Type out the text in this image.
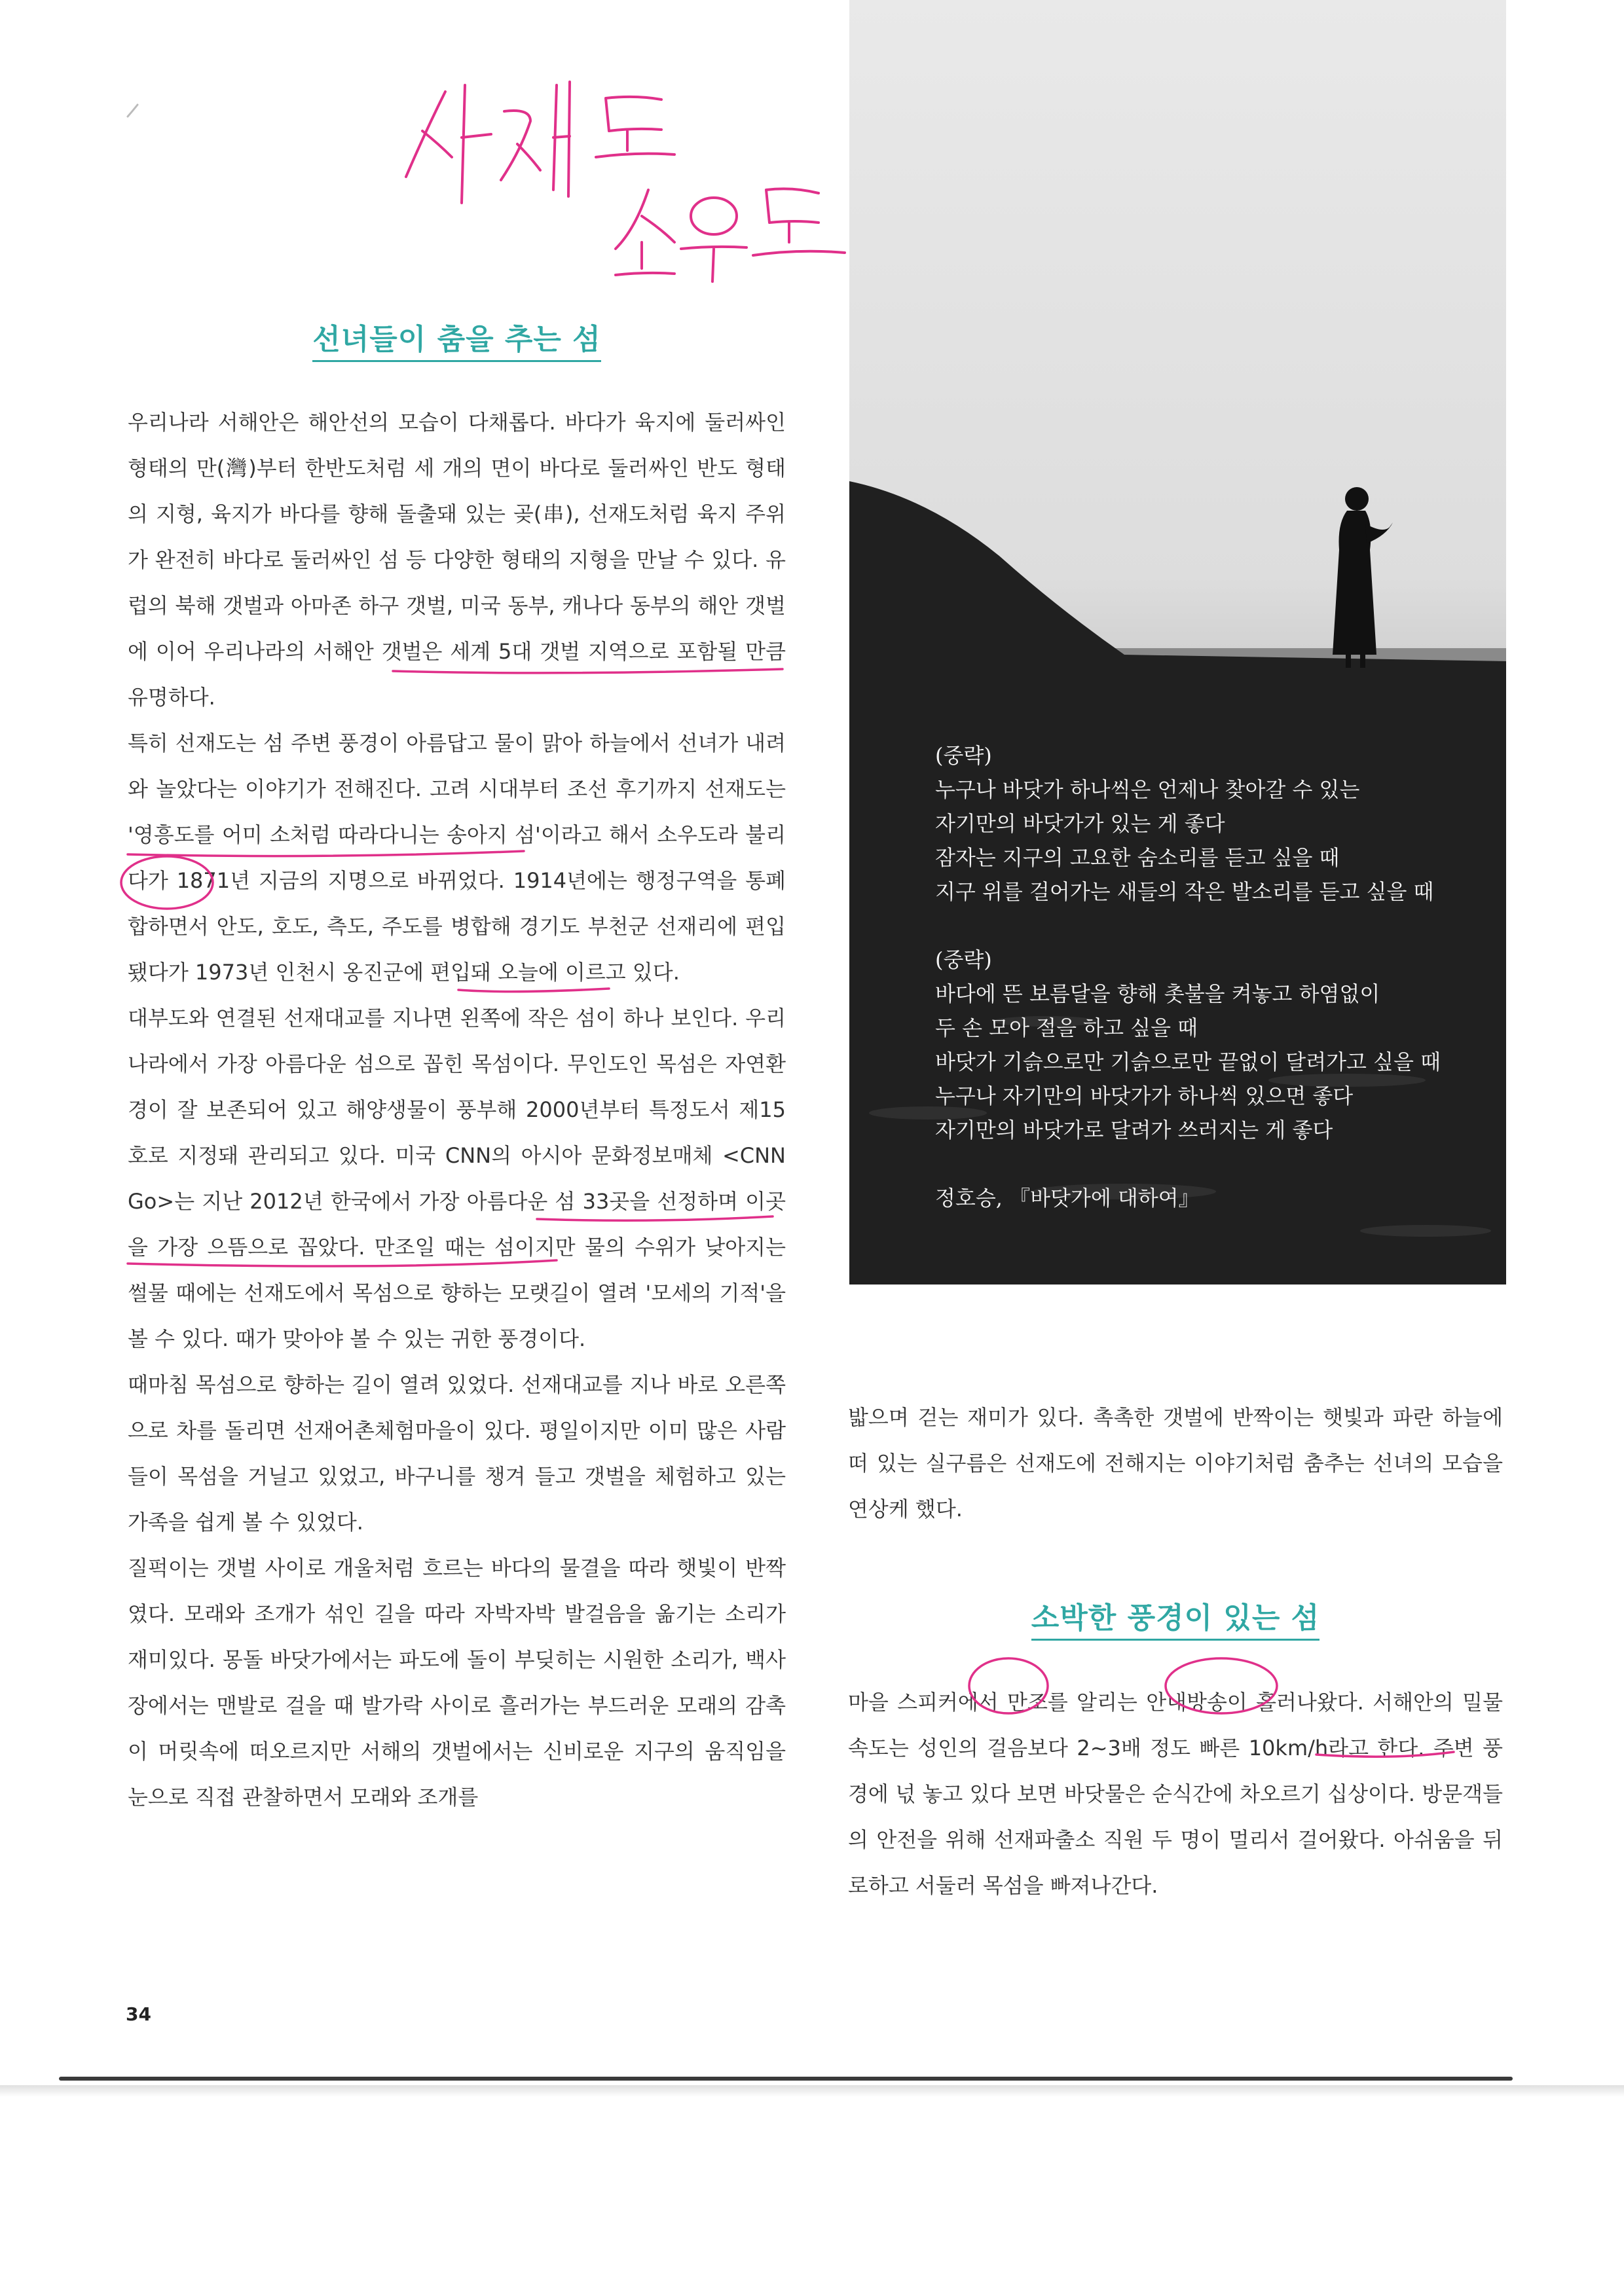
선녀들이 춤을 추는 섬

우리나라 서해안은 해안선의 모습이 다채롭다. 바다가 육지에 둘러싸인 형태의 만(灣)부터 한반도처럼 세 개의 면이 바다로 둘러싸인 반도 형태의 지형, 육지가 바다를 향해 돌출돼 있는 곶(串), 선재도처럼 육지 주위가 완전히 바다로 둘러싸인 섬 등 다양한 형태의 지형을 만날 수 있다. 유럽의 북해 갯벌과 아마존 하구 갯벌, 미국 동부, 캐나다 동부의 해안 갯벌에 이어 우리나라의 서해안 갯벌은 세계 5대 갯벌 지역으로 포함될 만큼 유명하다.

특히 선재도는 섬 주변 풍경이 아름답고 물이 맑아 하늘에서 선녀가 내려와 놀았다는 이야기가 전해진다. 고려 시대부터 조선 후기까지 선재도는 '영흥도를 어미 소처럼 따라다니는 송아지 섬'이라고 해서 소우도라 불리다가 1871년 지금의 지명으로 바뀌었다. 1914년에는 행정구역을 통폐합하면서 안도, 호도, 측도, 주도를 병합해 경기도 부천군 선재리에 편입됐다가 1973년 인천시 옹진군에 편입돼 오늘에 이르고 있다.

대부도와 연결된 선재대교를 지나면 왼쪽에 작은 섬이 하나 보인다. 우리나라에서 가장 아름다운 섬으로 꼽힌 목섬이다. 무인도인 목섬은 자연환경이 잘 보존되어 있고 해양생물이 풍부해 2000년부터 특정도서 제15호로 지정돼 관리되고 있다. 미국 CNN의 아시아 문화정보매체 <CNN Go>는 지난 2012년 한국에서 가장 아름다운 섬 33곳을 선정하며 이곳을 가장 으뜸으로 꼽았다. 만조일 때는 섬이지만 물의 수위가 낮아지는 썰물 때에는 선재도에서 목섬으로 향하는 모랫길이 열려 '모세의 기적'을 볼 수 있다. 때가 맞아야 볼 수 있는 귀한 풍경이다.

때마침 목섬으로 향하는 길이 열려 있었다. 선재대교를 지나 바로 오른쪽으로 차를 돌리면 선재어촌체험마을이 있다. 평일이지만 이미 많은 사람들이 목섬을 거닐고 있었고, 바구니를 챙겨 들고 갯벌을 체험하고 있는 가족을 쉽게 볼 수 있었다.

질퍽이는 갯벌 사이로 개울처럼 흐르는 바다의 물결을 따라 햇빛이 반짝였다. 모래와 조개가 섞인 길을 따라 자박자박 발걸음을 옮기는 소리가 재미있다. 몽돌 바닷가에서는 파도에 돌이 부딪히는 시원한 소리가, 백사장에서는 맨발로 걸을 때 발가락 사이로 흘러가는 부드러운 모래의 감촉이 머릿속에 떠오르지만 서해의 갯벌에서는 신비로운 지구의 움직임을 눈으로 직접 관찰하면서 모래와 조개를

(중략)
누구나 바닷가 하나씩은 언제나 찾아갈 수 있는
자기만의 바닷가가 있는 게 좋다
잠자는 지구의 고요한 숨소리를 듣고 싶을 때
지구 위를 걸어가는 새들의 작은 발소리를 듣고 싶을 때
(중략)
바다에 뜬 보름달을 향해 촛불을 켜놓고 하염없이
두 손 모아 절을 하고 싶을 때
바닷가 기슭으로만 기슭으로만 끝없이 달려가고 싶을 때
누구나 자기만의 바닷가가 하나씩 있으면 좋다
자기만의 바닷가로 달려가 쓰러지는 게 좋다
정호승, 『바닷가에 대하여』

밟으며 걷는 재미가 있다. 촉촉한 갯벌에 반짝이는 햇빛과 파란 하늘에 떠 있는 실구름은 선재도에 전해지는 이야기처럼 춤추는 선녀의 모습을 연상케 했다.

소박한 풍경이 있는 섬

마을 스피커에서 만조를 알리는 안내방송이 흘러나왔다. 서해안의 밀물 속도는 성인의 걸음보다 2~3배 정도 빠른 10km/h라고 한다. 주변 풍경에 넋 놓고 있다 보면 바닷물은 순식간에 차오르기 십상이다. 방문객들의 안전을 위해 선재파출소 직원 두 명이 멀리서 걸어왔다. 아쉬움을 뒤로하고 서둘러 목섬을 빠져나간다.

34
